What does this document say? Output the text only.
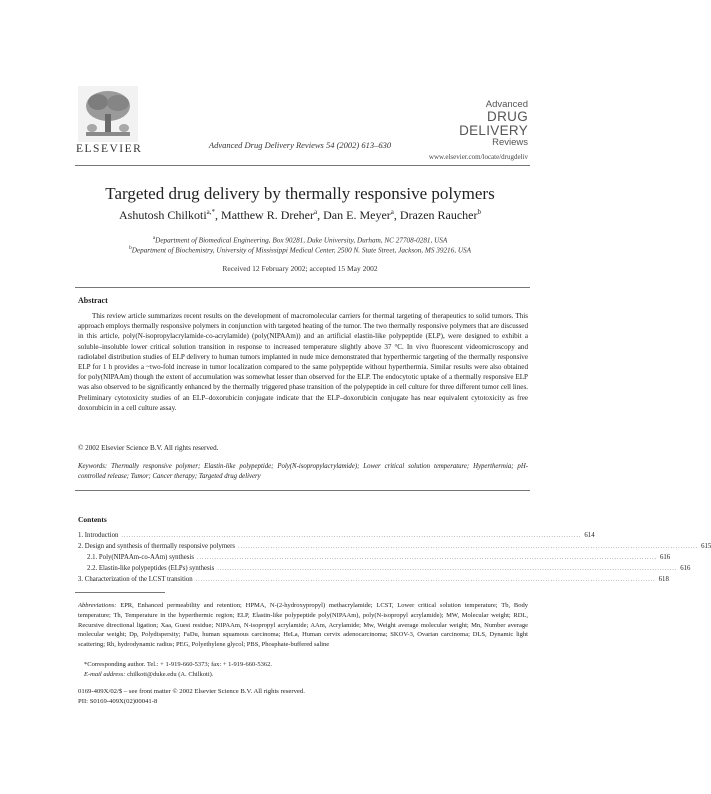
ELSEVIER	Advanced Drug Delivery Reviews 54 (2002) 613–630
Advanced
DRUG DELIVERY
Reviews
www.elsevier.com/locate/drugdeliv
Targeted drug delivery by thermally responsive polymers
Ashutosh Chilkoti$^{a,*}$, Matthew R. Dreher$^a$, Dan E. Meyer$^a$, Drazen Raucher$^b$
$^a$Department of Biomedical Engineering, Box 90281, Duke University, Durham, NC 27708-0281, USA
$^b$Department of Biochemistry, University of Mississippi Medical Center, 2500 N. State Street, Jackson, MS 39216, USA
Received 12 February 2002; accepted 15 May 2002
Abstract
This review article summarizes recent results on the development of macromolecular carriers for thermal targeting of therapeutics to solid tumors. This approach employs thermally responsive polymers in conjunction with targeted heating of the tumor. The two thermally responsive polymers that are discussed in this article, poly(N-isopropylacrylamide-co-acrylamide) (poly(NIPAAm)) and an artificial elastin-like polypeptide (ELP), were designed to exhibit a soluble–insoluble lower critical solution transition in response to increased temperature slightly above 37 °C. In vivo fluorescent videomicroscopy and radiolabel distribution studies of ELP delivery to human tumors implanted in nude mice demonstrated that hyperthermic targeting of the thermally responsive ELP for 1 h provides a ~two-fold increase in tumor localization compared to the same polypeptide without hyperthermia. Similar results were also obtained for poly(NIPAAm) though the extent of accumulation was somewhat lesser than observed for the ELP. The endocytotic uptake of a thermally responsive ELP was also observed to be significantly enhanced by the thermally triggered phase transition of the polypeptide in cell culture for three different tumor cell lines. Preliminary cytotoxicity studies of an ELP–doxorubicin conjugate indicate that the ELP–doxorubicin conjugate has near equivalent cytotoxicity as free doxorubicin in a cell culture assay.
© 2002 Elsevier Science B.V. All rights reserved.
Keywords: Thermally responsive polymer; Elastin-like polypeptide; Poly(N-isopropylacrylamide); Lower critical solution temperature; Hyperthermia; pH-controlled release; Tumor; Cancer therapy; Targeted drug delivery
Contents
1. Introduction ........................................................................................................................................................................................ 614
2. Design and synthesis of thermally responsive polymers ........................................................................................................................................................................................ 615
2.1. Poly(NIPAAm-co-AAm) synthesis ........................................................................................................................................................................................ 616
2.2. Elastin-like polypeptides (ELPs) synthesis ........................................................................................................................................................................................ 616
3. Characterization of the LCST transition ........................................................................................................................................................................................ 618
Abbreviations: EPR, Enhanced permeability and retention; HPMA, N-(2-hydroxypropyl) methacrylamide; LCST, Lower critical solution temperature; Tb, Body temperature; Th, Temperature in the hyperthermic region; ELP, Elastin-like polypeptide poly(NIPAAm), poly(N-isopropyl acrylamide); MW, Molecular weight; RDL, Recursive directional ligation; Xaa, Guest residue; NIPAAm, N-isopropyl acrylamide; AAm, Acrylamide; Mw, Weight average molecular weight; Mn, Number average molecular weight; Dp, Polydispersity; FaDu, human squamous carcinoma; HeLa, Human cervix adenocarcinoma; SKOV-3, Ovarian carcinoma; DLS, Dynamic light scattering; Rh, hydrodynamic radius; PEG, Polyethylene glycol; PBS, Phosphate-buffered saline
*Corresponding author. Tel.: + 1-919-660-5373; fax: + 1-919-660-5362.
E-mail address: chilkoti@duke.edu (A. Chilkoti).
0169-409X/02/$ – see front matter © 2002 Elsevier Science B.V. All rights reserved.
PII: S0169-409X(02)00041-8
